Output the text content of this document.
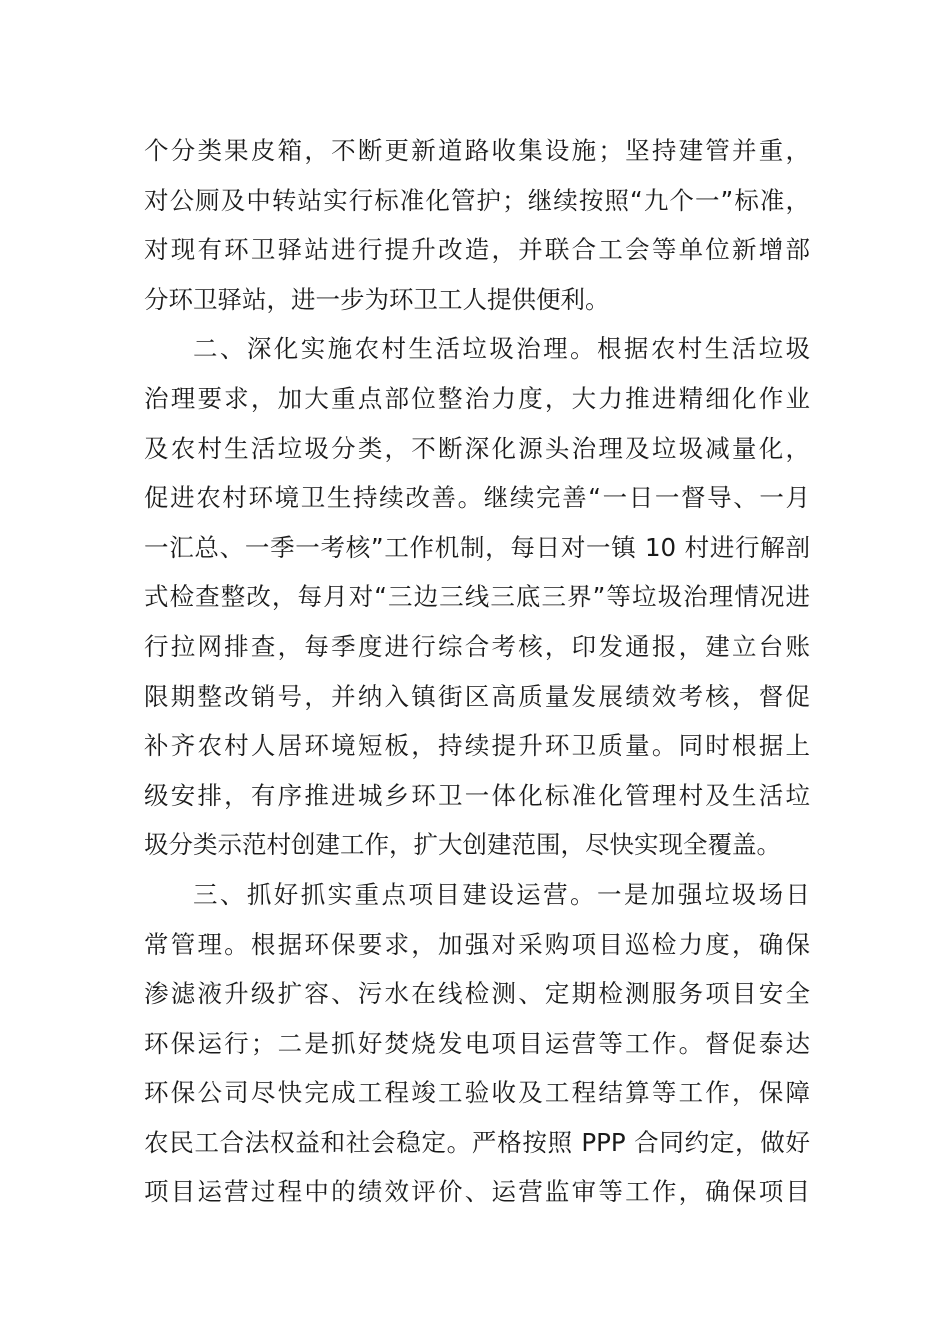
个分类果皮箱，不断更新道路收集设施；坚持建管并重，
对公厕及中转站实行标准化管护；继续按照“九个一”标准，
对现有环卫驿站进行提升改造，并联合工会等单位新增部
分环卫驿站，进一步为环卫工人提供便利。
二、深化实施农村生活垃圾治理。根据农村生活垃圾
治理要求，加大重点部位整治力度，大力推进精细化作业
及农村生活垃圾分类，不断深化源头治理及垃圾减量化，
促进农村环境卫生持续改善。继续完善“一日一督导、一月
一汇总、一季一考核”工作机制，每日对一镇 10 村进行解剖
式检查整改，每月对“三边三线三底三界”等垃圾治理情况进
行拉网排查，每季度进行综合考核，印发通报，建立台账
限期整改销号，并纳入镇街区高质量发展绩效考核，督促
补齐农村人居环境短板，持续提升环卫质量。同时根据上
级安排，有序推进城乡环卫一体化标准化管理村及生活垃
圾分类示范村创建工作，扩大创建范围，尽快实现全覆盖。
三、抓好抓实重点项目建设运营。一是加强垃圾场日
常管理。根据环保要求，加强对采购项目巡检力度，确保
渗滤液升级扩容、污水在线检测、定期检测服务项目安全
环保运行；二是抓好焚烧发电项目运营等工作。督促泰达
环保公司尽快完成工程竣工验收及工程结算等工作，保障
农民工合法权益和社会稳定。严格按照 PPP 合同约定，做好
项目运营过程中的绩效评价、运营监审等工作，确保项目
